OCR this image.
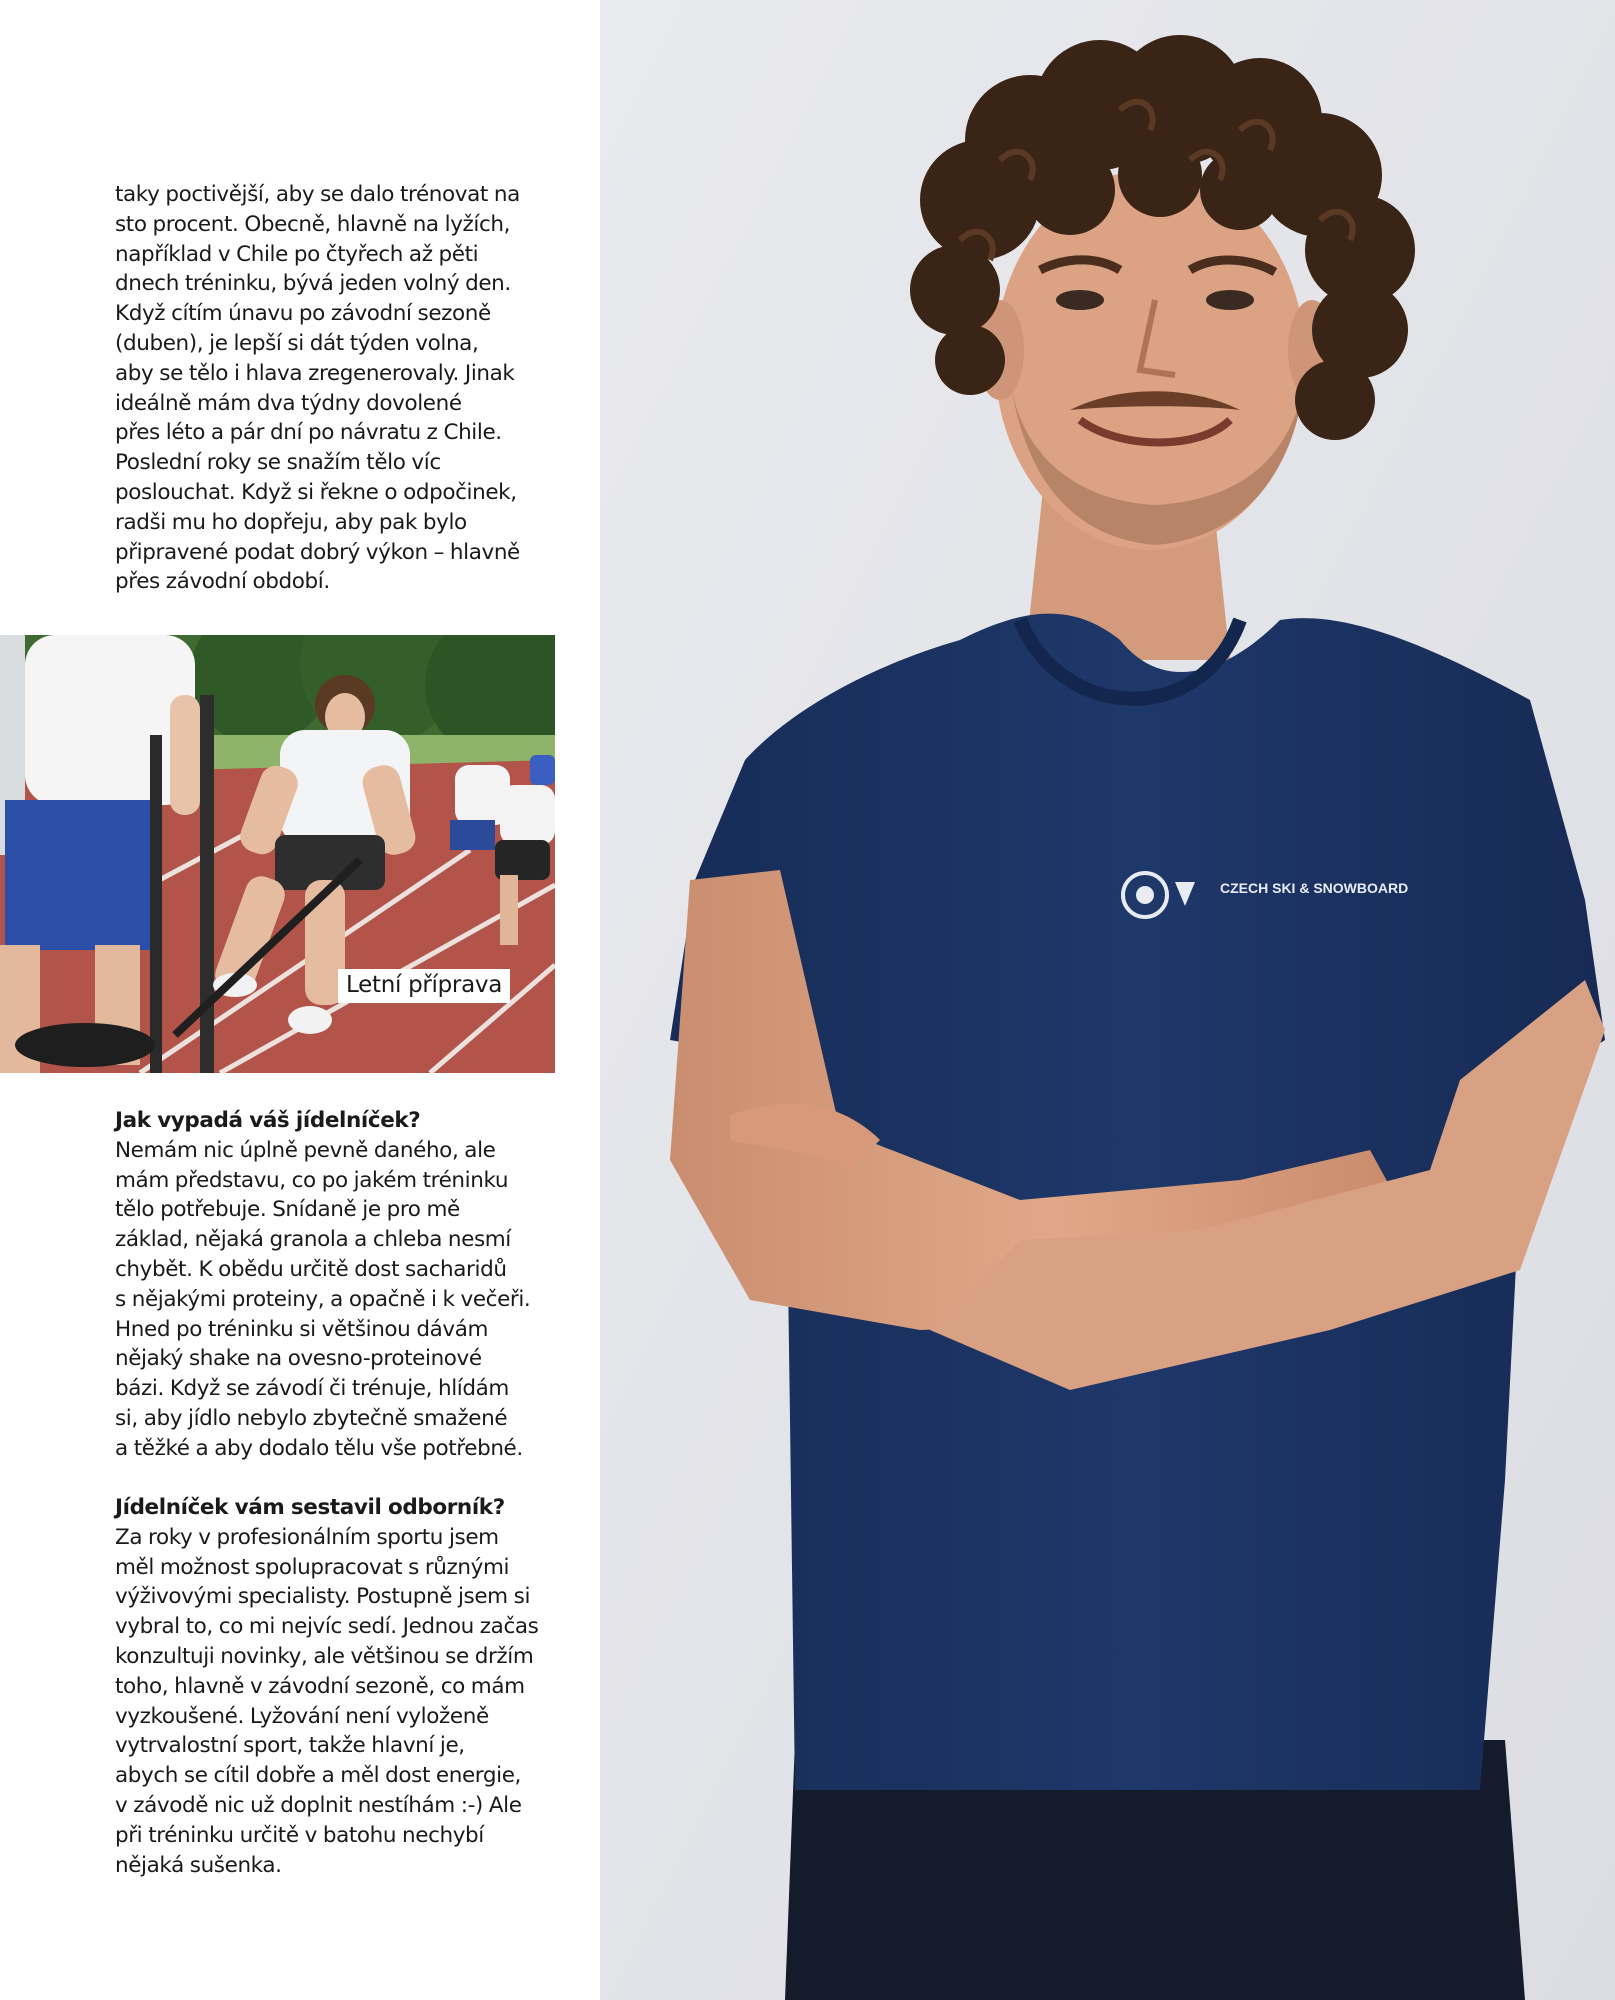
taky poctivější, aby se dalo trénovat na
sto procent. Obecně, hlavně na lyžích,
například v Chile po čtyřech až pěti
dnech tréninku, bývá jeden volný den.
Když cítím únavu po závodní sezoně
(duben), je lepší si dát týden volna,
aby se tělo i hlava zregenerovaly. Jinak
ideálně mám dva týdny dovolené
přes léto a pár dní po návratu z Chile.
Poslední roky se snažím tělo víc
poslouchat. Když si řekne o odpočinek,
radši mu ho dopřeju, aby pak bylo
připravené podat dobrý výkon – hlavně
přes závodní období.

Jak vypadá váš jídelníček?
Nemám nic úplně pevně daného, ale
mám představu, co po jakém tréninku
tělo potřebuje. Snídaně je pro mě
základ, nějaká granola a chleba nesmí
chybět. K obědu určitě dost sacharidů
s nějakými proteiny, a opačně i k večeři.
Hned po tréninku si většinou dávám
nějaký shake na ovesno-proteinové
bázi. Když se závodí či trénuje, hlídám
si, aby jídlo nebylo zbytečně smažené
a těžké a aby dodalo tělu vše potřebné.
Jídelníček vám sestavil odborník?
Za roky v profesionálním sportu jsem
měl možnost spolupracovat s různými
výživovými specialisty. Postupně jsem si
vybral to, co mi nejvíc sedí. Jednou začas
konzultuji novinky, ale většinou se držím
toho, hlavně v závodní sezoně, co mám
vyzkoušené. Lyžování není vyloženě
vytrvalostní sport, takže hlavní je,
abych se cítil dobře a měl dost energie,
v závodě nic už doplnit nestíhám :-) Ale
při tréninku určitě v batohu nechybí
nějaká sušenka.
Letní příprava
CZECH SKI & SNOWBOARD
